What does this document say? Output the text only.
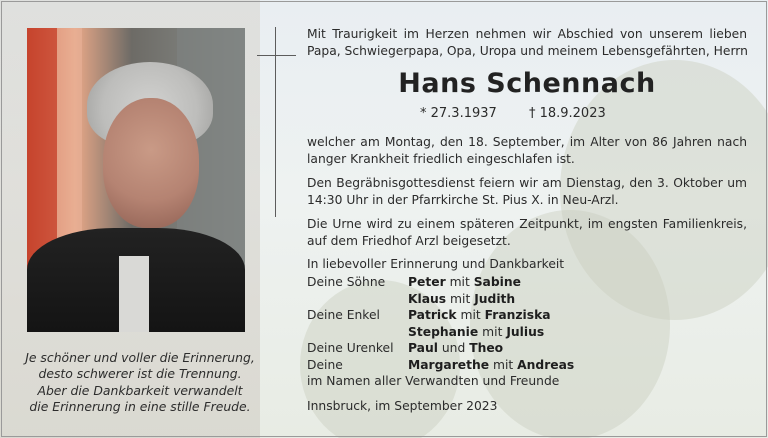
Je schöner und voller die Erinnerung,
desto schwerer ist die Trennung.
Aber die Dankbarkeit verwandelt
die Erinnerung in eine stille Freude.
Mit Traurigkeit im Herzen nehmen wir Abschied von unserem lieben
Papa, Schwiegerpapa, Opa, Uropa und meinem Lebensgefährten, Herrn
Hans Schennach
* 27.3.1937 † 18.9.2023
welcher am Montag, den 18. September, im Alter von 86 Jahren nach
langer Krankheit friedlich eingeschlafen ist.
Den Begräbnisgottesdienst feiern wir am Dienstag, den 3. Oktober um
14:30 Uhr in der Pfarrkirche St. Pius X. in Neu-Arzl.
Die Urne wird zu einem späteren Zeitpunkt, im engsten Familienkreis,
auf dem Friedhof Arzl beigesetzt.
In liebevoller Erinnerung und Dankbarkeit
Deine Söhne Peter mit Sabine
Klaus mit Judith
Deine Enkel Patrick mit Franziska
Stephanie mit Julius
Deine Urenkel Paul und Theo
Deine	Margarethe mit Andreas
im Namen aller Verwandten und Freunde
Innsbruck, im September 2023
